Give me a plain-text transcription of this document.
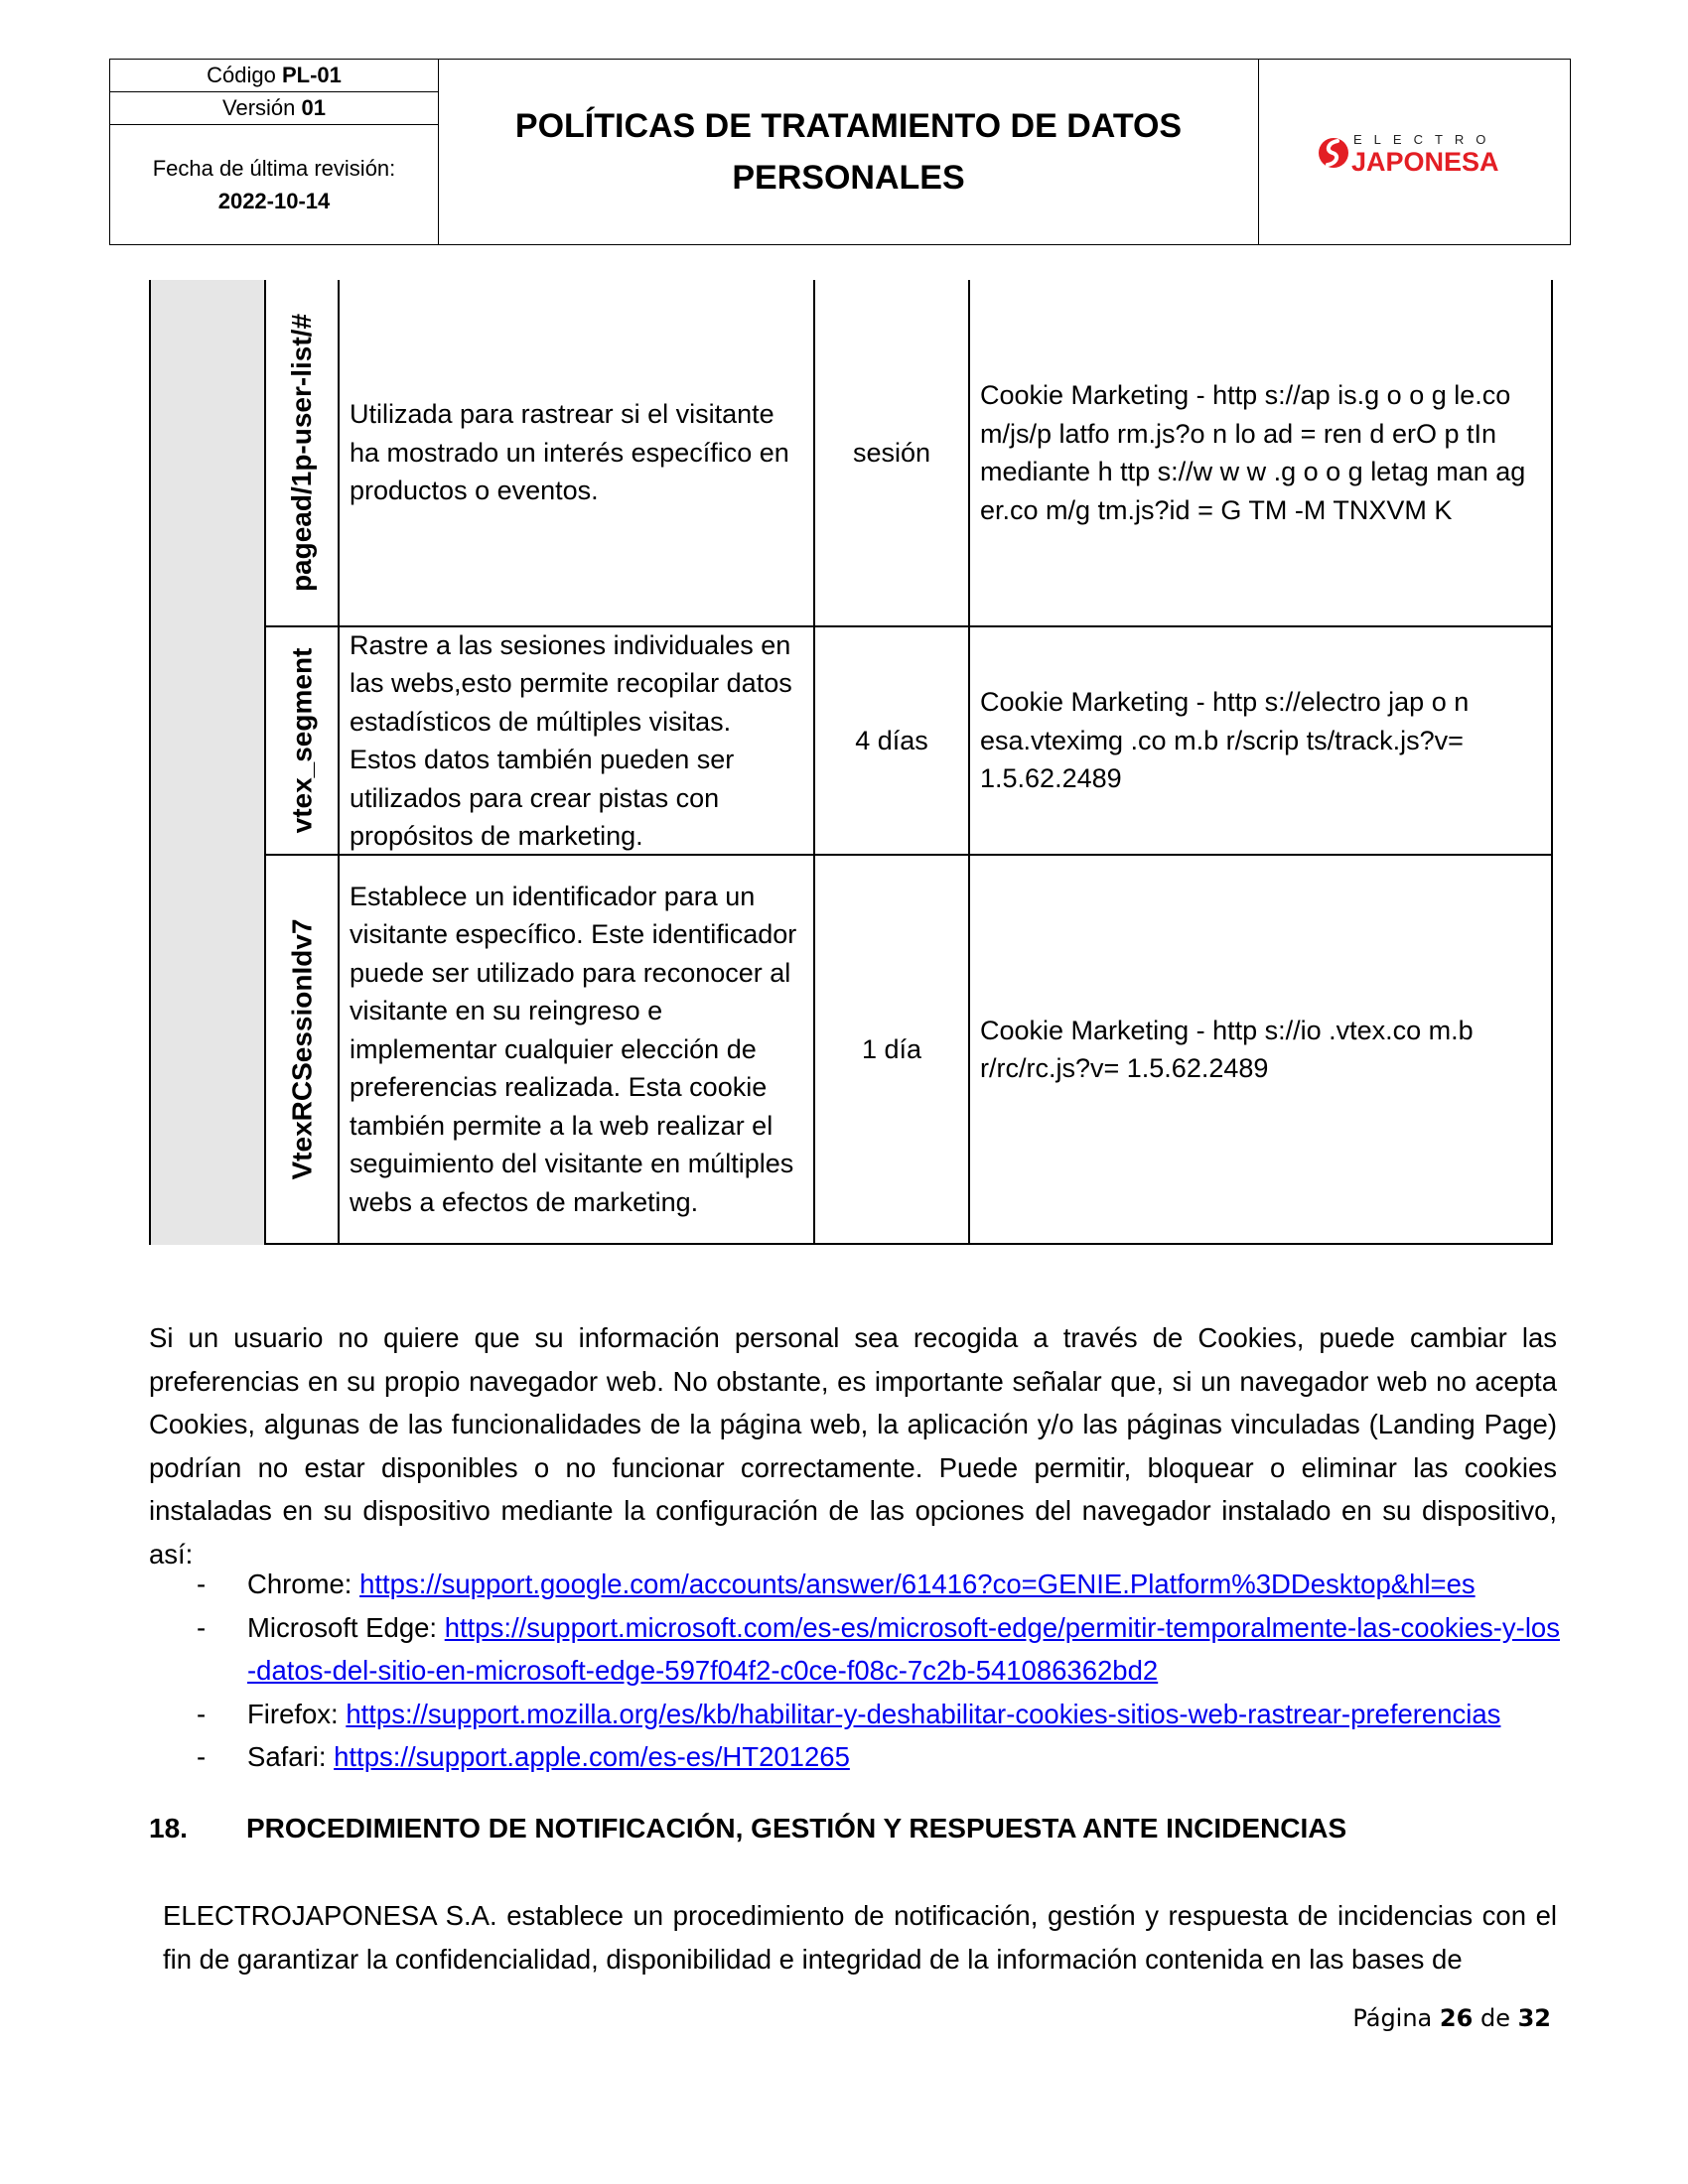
Código
PL-01
Versión
01
Fecha de última revisión:
2022-10-14
POLÍTICAS DE TRATAMIENTO DE DATOS
PERSONALES
ELECTRO
JAPONESA
pagead/1p-user-list/#	Utilizada para rastrear si el visitante ha mostrado un interés específico en productos o eventos.
sesión
Cookie Marketing - http s://ap is.g o o g le.co m/js/p latfo rm.js?o n lo ad = ren d erO p tIn mediante h ttp s://w w w .g o o g letag man ag er.co m/g tm.js?id = G TM -M TNXVM K
vtex_segment
Rastre a las sesiones individuales en las webs,esto permite recopilar datos estadísticos de múltiples visitas. Estos datos también pueden ser utilizados para crear pistas con propósitos de marketing.
4 días
Cookie Marketing - http s://electro jap o n esa.vteximg .co m.b r/scrip ts/track.js?v= 1.5.62.2489
VtexRCSessionIdv7
Establece un identificador para un visitante específico. Este identificador puede ser utilizado para reconocer al visitante en su reingreso e implementar cualquier elección de preferencias realizada. Esta cookie también permite a la web realizar el seguimiento del visitante en múltiples webs a efectos de marketing.
1 día
Cookie Marketing - http s://io .vtex.co m.b r/rc/rc.js?v= 1.5.62.2489
Si un usuario no quiere que su información personal sea recogida a través de Cookies, puede cambiar las preferencias en su propio navegador web. No obstante, es importante señalar que, si un navegador web no acepta Cookies, algunas de las funcionalidades de la página web, la aplicación y/o las páginas vinculadas (Landing Page) podrían no estar disponibles o no funcionar correctamente. Puede permitir, bloquear o eliminar las cookies instaladas en su dispositivo mediante la configuración de las opciones del navegador instalado en su dispositivo, así:
- Chrome: https://support.google.com/accounts/answer/61416?co=GENIE.Platform%3DDesktop&hl=es
- Microsoft Edge: https://support.microsoft.com/es-es/microsoft-edge/permitir-temporalmente-las-cookies-y-los-datos-del-sitio-en-microsoft-edge-597f04f2-c0ce-f08c-7c2b-541086362bd2
- Firefox: https://support.mozilla.org/es/kb/habilitar-y-deshabilitar-cookies-sitios-web-rastrear-preferencias
- Safari: https://support.apple.com/es-es/HT201265
18.	PROCEDIMIENTO DE NOTIFICACIÓN, GESTIÓN Y RESPUESTA ANTE INCIDENCIAS
ELECTROJAPONESA S.A. establece un procedimiento de notificación, gestión y respuesta de incidencias con el fin de garantizar la confidencialidad, disponibilidad e integridad de la información contenida en las bases de
Página 26 de 32
